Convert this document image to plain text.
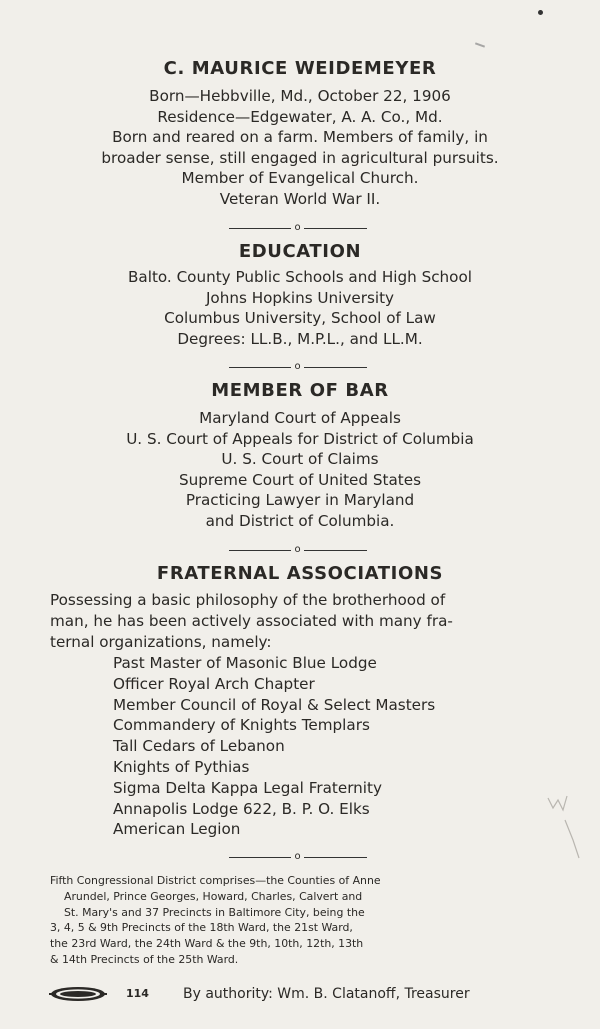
C. MAURICE WEIDEMEYER
Born—Hebbville, Md., October 22, 1906
Residence—Edgewater, A. A. Co., Md.
Born and reared on a farm. Members of family, in
broader sense, still engaged in agricultural pursuits.
Member of Evangelical Church.
Veteran World War II.
o
EDUCATION
Balto. County Public Schools and High School
Johns Hopkins University
Columbus University, School of Law
Degrees: LL.B., M.P.L., and LL.M.
o
MEMBER OF BAR
Maryland Court of Appeals
U. S. Court of Appeals for District of Columbia
U. S. Court of Claims
Supreme Court of United States
Practicing Lawyer in Maryland
and District of Columbia.
o
FRATERNAL ASSOCIATIONS
Possessing a basic philosophy of the brotherhood of
man, he has been actively associated with many fra-
ternal organizations, namely:
Past Master of Masonic Blue Lodge
Officer Royal Arch Chapter
Member Council of Royal & Select Masters
Commandery of Knights Templars
Tall Cedars of Lebanon
Knights of Pythias
Sigma Delta Kappa Legal Fraternity
Annapolis Lodge 622, B. P. O. Elks
American Legion
o
Fifth Congressional District comprises—the Counties of Anne
Arundel, Prince Georges, Howard, Charles, Calvert and
St. Mary's and 37 Precincts in Baltimore City, being the
3, 4, 5 & 9th Precincts of the 18th Ward, the 21st Ward,
the 23rd Ward, the 24th Ward & the 9th, 10th, 12th, 13th
& 14th Precincts of the 25th Ward.
114 By authority: Wm. B. Clatanoff, Treasurer
